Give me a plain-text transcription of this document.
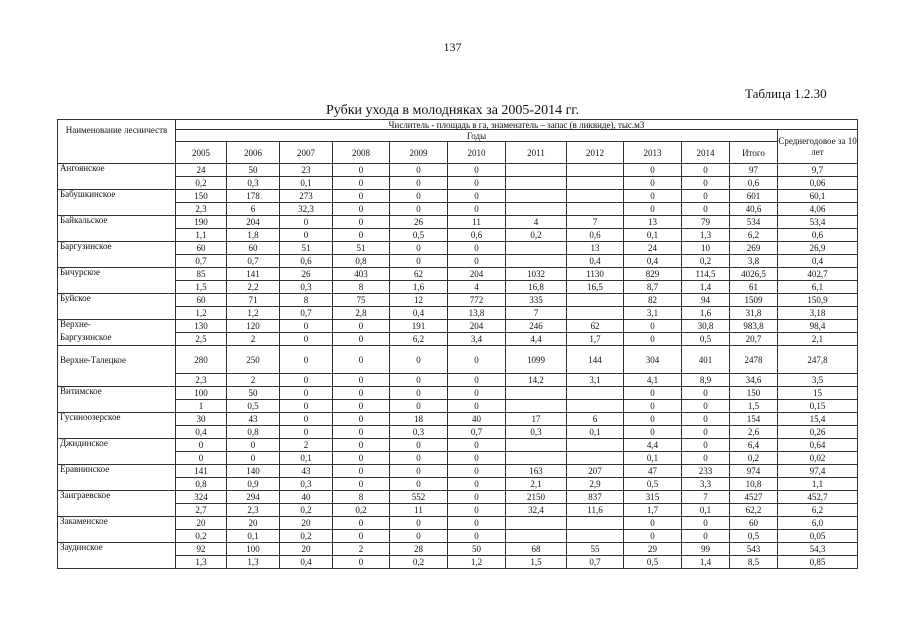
137
Таблица 1.2.30
Рубки ухода в молодняках за 2005-2014 гг.
Наименование лесничеств	Числитель - площадь в га, знаменатель – запас (в ликвиде), тыс.м3											
	Годы											Среднегодовое за 10 лет
	2005	2006	2007	2008	2009	2010	2011	2012	2013	2014	Итого	
Ангоянское	24	50	23	0	0	0			0	0	97	9,7
	0,2	0,3	0,1	0	0	0			0	0	0,6	0,06
Бабушкинское	150	178	273	0	0	0			0	0	601	60,1
	2,3	6	32,3	0	0	0			0	0	40,6	4,06
Байкальское	190	204	0	0	26	11	4	7	13	79	534	53,4
	1,1	1,8	0	0	0,5	0,6	0,2	0,6	0,1	1,3	6,2	0,6
Баргузинское	60	60	51	51	0	0		13	24	10	269	26,9
	0,7	0,7	0,6	0,8	0	0		0,4	0,4	0,2	3,8	0,4
Бичурское	85	141	26	403	62	204	1032	1130	829	114,5	4026,5	402,7
	1,5	2,2	0,3	8	1,6	4	16,8	16,5	8,7	1,4	61	6,1
Буйское	60	71	8	75	12	772	335		82	94	1509	150,9
	1,2	1,2	0,7	2,8	0,4	13,8	7		3,1	1,6	31,8	3,18
Верхне-	130	120	0	0	191	204	246	62	0	30,8	983,8	98,4
Баргузинское	2,5	2	0	0	6,2	3,4	4,4	1,7	0	0,5	20,7	2,1
Верхне-Талецкое	280	250	0	0	0	0	1099	144	304	401	2478	247,8
	2,3	2	0	0	0	0	14,2	3,1	4,1	8,9	34,6	3,5
Витимское	100	50	0	0	0	0			0	0	150	15
	1	0,5	0	0	0	0			0	0	1,5	0,15
Гусиноозерское	30	43	0	0	18	40	17	6	0	0	154	15,4
	0,4	0,8	0	0	0,3	0,7	0,3	0,1	0	0	2,6	0,26
Джидинское	0	0	2	0	0	0			4,4	0	6,4	0,64
	0	0	0,1	0	0	0			0,1	0	0,2	0,02
Еравнинское	141	140	43	0	0	0	163	207	47	233	974	97,4
	0,8	0,9	0,3	0	0	0	2,1	2,9	0,5	3,3	10,8	1,1
Заиграевское	324	294	40	8	552	0	2150	837	315	7	4527	452,7
	2,7	2,3	0,2	0,2	11	0	32,4	11,6	1,7	0,1	62,2	6,2
Закаменское	20	20	20	0	0	0			0	0	60	6,0
	0,2	0,1	0,2	0	0	0			0	0	0,5	0,05
Заудинское	92	100	20	2	28	50	68	55	29	99	543	54,3
	1,3	1,3	0,4	0	0,2	1,2	1,5	0,7	0,5	1,4	8,5	0,85
